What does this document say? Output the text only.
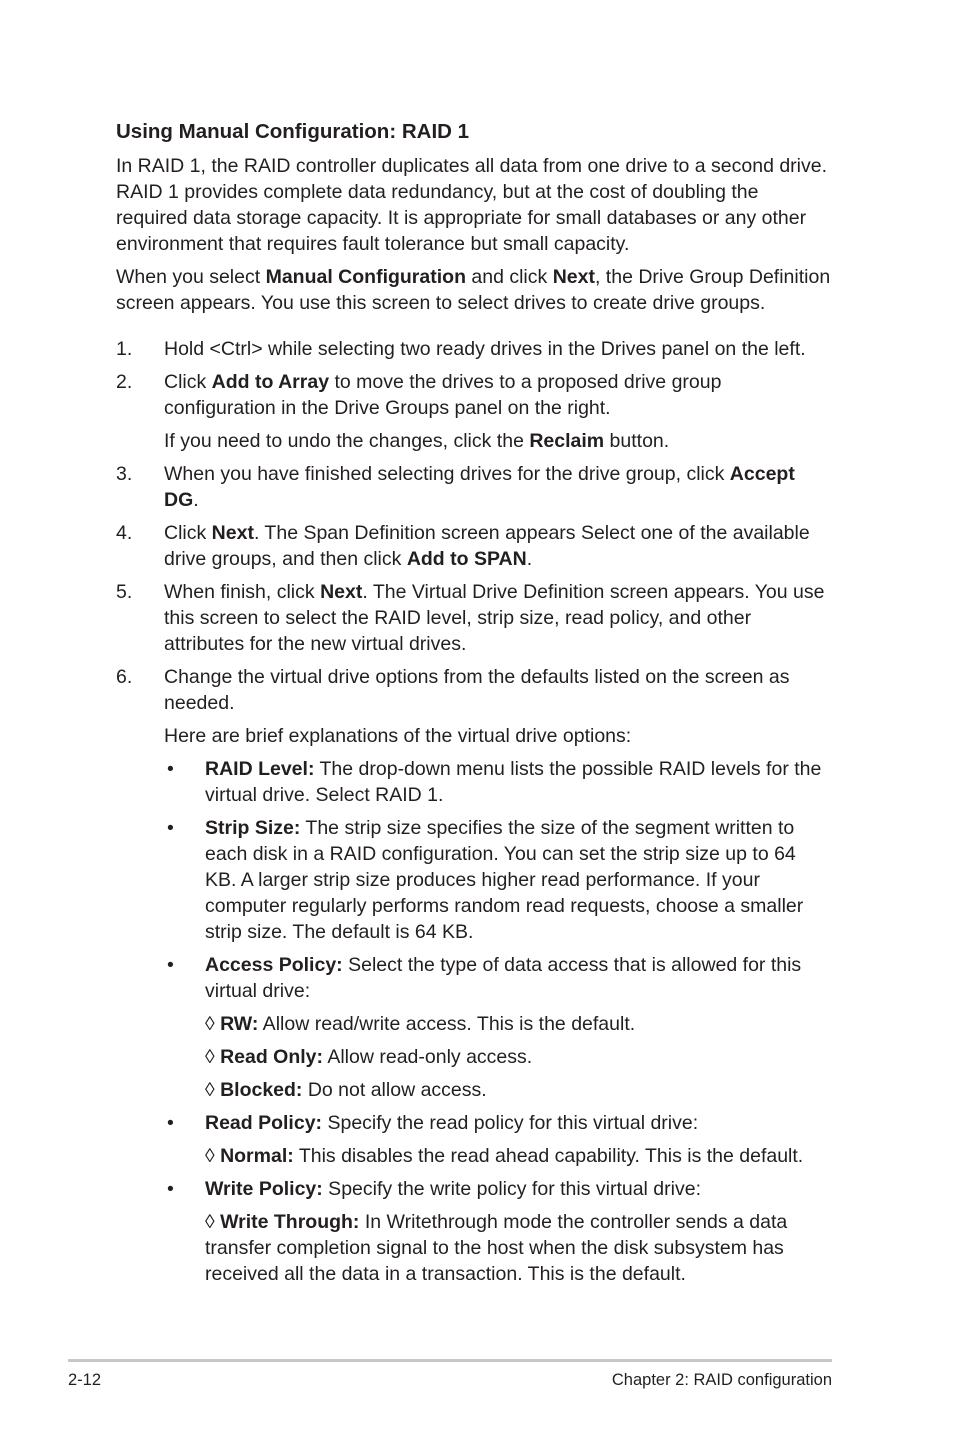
Using Manual Configuration: RAID 1

In RAID 1, the RAID controller duplicates all data from one drive to a second drive. RAID 1 provides complete data redundancy, but at the cost of doubling the required data storage capacity. It is appropriate for small databases or any other environment that requires fault tolerance but small capacity.

When you select Manual Configuration and click Next, the Drive Group Definition screen appears. You use this screen to select drives to create drive groups.

1. Hold <Ctrl> while selecting two ready drives in the Drives panel on the left.

2. Click Add to Array to move the drives to a proposed drive group configuration in the Drive Groups panel on the right.

If you need to undo the changes, click the Reclaim button.

3. When you have finished selecting drives for the drive group, click Accept DG.

4. Click Next. The Span Definition screen appears Select one of the available drive groups, and then click Add to SPAN.

5. When finish, click Next. The Virtual Drive Definition screen appears. You use this screen to select the RAID level, strip size, read policy, and other attributes for the new virtual drives.

6. Change the virtual drive options from the defaults listed on the screen as needed.

Here are brief explanations of the virtual drive options:

• RAID Level: The drop-down menu lists the possible RAID levels for the virtual drive. Select RAID 1.

• Strip Size: The strip size specifies the size of the segment written to each disk in a RAID configuration. You can set the strip size up to 64 KB. A larger strip size produces higher read performance. If your computer regularly performs random read requests, choose a smaller strip size. The default is 64 KB.

• Access Policy: Select the type of data access that is allowed for this virtual drive:

◊ RW: Allow read/write access. This is the default.

◊ Read Only: Allow read-only access.

◊ Blocked: Do not allow access.

• Read Policy: Specify the read policy for this virtual drive:

◊ Normal: This disables the read ahead capability. This is the default.

• Write Policy: Specify the write policy for this virtual drive:

◊ Write Through: In Writethrough mode the controller sends a data transfer completion signal to the host when the disk subsystem has received all the data in a transaction. This is the default.

2-12	Chapter 2: RAID configuration
